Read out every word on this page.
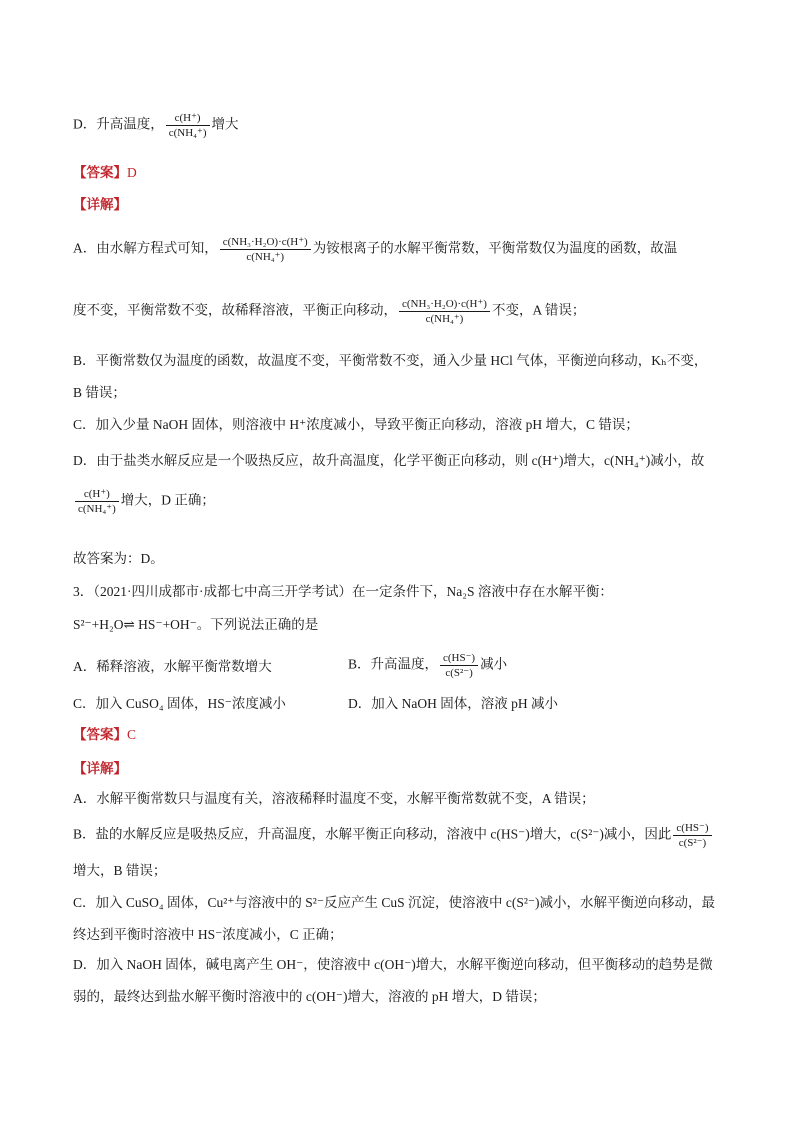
D．升高温度， $\frac{c(H^+)}{\text{c(NH₄⁺)}}$ 增大
【答案】D
【详解】
A．由水解方程式可知， $\frac{\text{c(NH₃·H₂O)·c(H⁺)}}{\text{c(NH₄⁺)}}$ 为铵根离子的水解平衡常数，平衡常数仅为温度的函数，故温
度不变，平衡常数不变，故稀释溶液，平衡正向移动， $\frac{\text{c(NH₃·H₂O)·c(H⁺)}}{\text{c(NH₄⁺)}}$ 不变，A 错误；
B．平衡常数仅为温度的函数，故温度不变，平衡常数不变，通入少量 HCl 气体，平衡逆向移动，Kₕ不变，
B 错误；
C．加入少量 NaOH 固体，则溶液中 H⁺浓度减小，导致平衡正向移动，溶液 pH 增大，C 错误；
D．由于盐类水解反应是一个吸热反应，故升高温度，化学平衡正向移动，则 c(H⁺)增大，c(NH₄⁺)减小，故
$\frac{c(H^+)}{\text{c(NH₄⁺)}}$ 增大，D 正确；
故答案为：D。
3．（2021·四川成都市·成都七中高三开学考试）在一定条件下，Na₂S 溶液中存在水解平衡：
S²⁻+H₂O⇌ HS⁻+OH⁻。下列说法正确的是
A．稀释溶液，水解平衡常数增大	B．升高温度， $\frac{c(HS^-)}{\text{c(S²⁻)}}$ 减小
C．加入 CuSO₄ 固体，HS⁻浓度减小	D．加入 NaOH 固体，溶液 pH 减小
【答案】C
【详解】
A．水解平衡常数只与温度有关，溶液稀释时温度不变，水解平衡常数就不变，A 错误；
B．盐的水解反应是吸热反应，升高温度，水解平衡正向移动，溶液中 c(HS⁻)增大，c(S²⁻)减小，因此 $\frac{c(HS^-)}{\text{c(S²⁻)}}$
增大，B 错误；
C．加入 CuSO₄ 固体，Cu²⁺与溶液中的 S²⁻反应产生 CuS 沉淀，使溶液中 c(S²⁻)减小，水解平衡逆向移动，最
终达到平衡时溶液中 HS⁻浓度减小，C 正确；
D．加入 NaOH 固体，碱电离产生 OH⁻，使溶液中 c(OH⁻)增大，水解平衡逆向移动，但平衡移动的趋势是微
弱的，最终达到盐水解平衡时溶液中的 c(OH⁻)增大，溶液的 pH 增大，D 错误；
